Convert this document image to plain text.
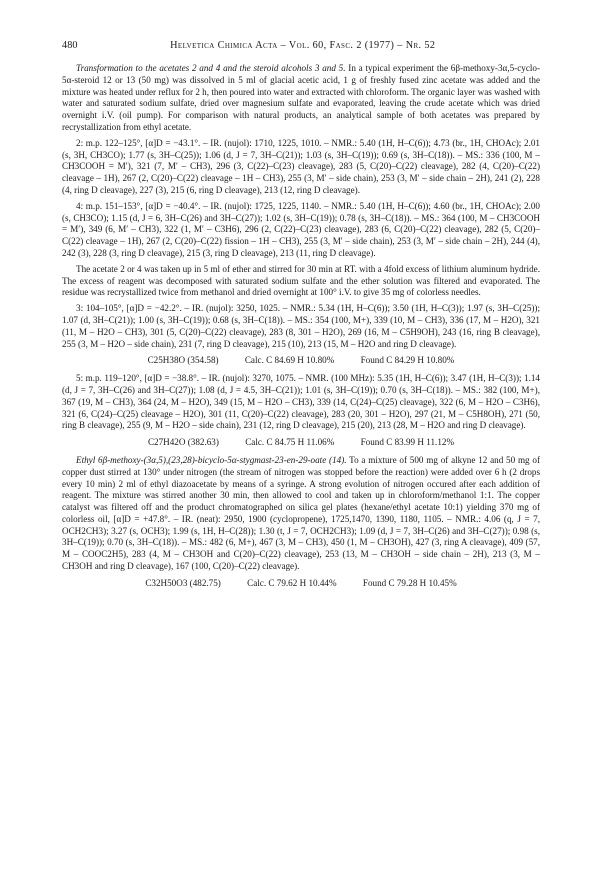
480	Helvetica Chimica Acta – Vol. 60, Fasc. 2 (1977) – Nr. 52

Transformation to the acetates 2 and 4 and the steroid alcohols 3 and 5. In a typical experiment the 6β-methoxy-3α,5-cyclo-5α-steroid 12 or 13 (50 mg) was dissolved in 5 ml of glacial acetic acid, 1 g of freshly fused zinc acetate was added and the mixture was heated under reflux for 2 h, then poured into water and extracted with chloroform. The organic layer was washed with water and saturated sodium sulfate, dried over magnesium sulfate and evaporated, leaving the crude acetate which was dried overnight i.V. (oil pump). For comparison with natural products, an analytical sample of both acetates was prepared by recrystallization from ethyl acetate.

2: m.p. 122–125°, [α]D = −43.1°. – IR. (nujol): 1710, 1225, 1010. – NMR.: 5.40 (1H, H–C(6)); 4.73 (br., 1H, CHOAc); 2.01 (s, 3H, CH3CO); 1.77 (s, 3H–C(25)); 1.06 (d, J = 7, 3H–C(21)); 1.03 (s, 3H–C(19)); 0.69 (s, 3H–C(18)). – MS.: 336 (100, M – CH3COOH = M′), 321 (7, M′ – CH3), 296 (3, C(22)–C(23) cleavage), 283 (5, C(20)–C(22) cleavage), 282 (4, C(20)–C(22) cleavage – 1H), 267 (2, C(20)–C(22) cleavage – 1H – CH3), 255 (3, M′ – side chain), 253 (3, M′ – side chain – 2H), 241 (2), 228 (4, ring D cleavage), 227 (3), 215 (6, ring D cleavage), 213 (12, ring D cleavage).

4: m.p. 151–153°, [α]D = −40.4°. – IR. (nujol): 1725, 1225, 1140. – NMR.: 5.40 (1H, H–C(6)); 4.60 (br., 1H, CHOAc); 2.00 (s, CH3CO); 1.15 (d, J = 6, 3H–C(26) and 3H–C(27)); 1.02 (s, 3H–C(19)); 0.78 (s, 3H–C(18)). – MS.: 364 (100, M – CH3COOH = M′), 349 (6, M′ – CH3), 322 (1, M′ – C3H6), 296 (2, C(22)–C(23) cleavage), 283 (6, C(20)–C(22) cleavage), 282 (5, C(20)–C(22) cleavage – 1H), 267 (2, C(20)–C(22) fission – 1H – CH3), 255 (3, M′ – side chain), 253 (3, M′ – side chain – 2H), 244 (4), 242 (3), 228 (3, ring D cleavage), 215 (3, ring D cleavage), 213 (11, ring D cleavage).

The acetate 2 or 4 was taken up in 5 ml of ether and stirred for 30 min at RT. with a 4fold excess of lithium aluminum hydride. The excess of reagent was decomposed with saturated sodium sulfate and the ether solution was filtered and evaporated. The residue was recrystallized twice from methanol and dried overnight at 100° i.V. to give 35 mg of colorless needles.

3: 104–105°, [α]D = −42.2°. – IR. (nujol): 3250, 1025. – NMR.: 5.34 (1H, H–C(6)); 3.50 (1H, H–C(3)); 1.97 (s, 3H–C(25)); 1.07 (d, 3H–C(21)); 1.00 (s, 3H–C(19)); 0.68 (s, 3H–C(18)). – MS.: 354 (100, M+), 339 (10, M – CH3), 336 (17, M – H2O), 321 (11, M – H2O – CH3), 301 (5, C(20)–C(22) cleavage), 283 (8, 301 – H2O), 269 (16, M – C5H9OH), 243 (16, ring B cleavage), 255 (3, M – H2O – side chain), 231 (7, ring D cleavage), 215 (10), 213 (15, M – H2O and ring D cleavage).

C25H38O (354.58)	Calc. C 84.69 H 10.80%	Found C 84.29 H 10.80%

5: m.p. 119–120°, [α]D = −38.8°. – IR. (nujol): 3270, 1075. – NMR. (100 MHz): 5.35 (1H, H–C(6)); 3.47 (1H, H–C(3)); 1.14 (d, J = 7, 3H–C(26) and 3H–C(27)); 1.08 (d, J = 4.5, 3H–C(21)); 1.01 (s, 3H–C(19)); 0.70 (s, 3H–C(18)). – MS.: 382 (100, M+), 367 (19, M – CH3), 364 (24, M – H2O), 349 (15, M – H2O – CH3), 339 (14, C(24)–C(25) cleavage), 322 (6, M – H2O – C3H6), 321 (6, C(24)–C(25) cleavage – H2O), 301 (11, C(20)–C(22) cleavage), 283 (20, 301 – H2O), 297 (21, M – C5H8OH), 271 (50, ring B cleavage), 255 (9, M – H2O – side chain), 231 (12, ring D cleavage), 215 (20), 213 (28, M – H2O and ring D cleavage).

C27H42O (382.63)	Calc. C 84.75 H 11.06%	Found C 83.99 H 11.12%

Ethyl 6β-methoxy-(3α,5),(23,28)-bicyclo-5α-stygmast-23-en-29-oate (14). To a mixture of 500 mg of alkyne 12 and 50 mg of copper dust stirred at 130° under nitrogen (the stream of nitrogen was stopped before the reaction) were added over 6 h (2 drops every 10 min) 2 ml of ethyl diazoacetate by means of a syringe. A strong evolution of nitrogen occured after each addition of reagent. The mixture was stirred another 30 min, then allowed to cool and taken up in chloroform/methanol 1:1. The copper catalyst was filtered off and the product chromatographed on silica gel plates (hexane/ethyl acetate 10:1) yielding 370 mg of colorless oil, [α]D = +47.8°. – IR. (neat): 2950, 1900 (cyclopropene), 1725,1470, 1390, 1180, 1105. – NMR.: 4.06 (q, J = 7, OCH2CH3); 3.27 (s, OCH3); 1.99 (s, 1H, H–C(28)); 1.30 (t, J = 7, OCH2CH3); 1.09 (d, J = 7, 3H–C(26) and 3H–C(27)); 0.98 (s, 3H–C(19)); 0.70 (s, 3H–C(18)). – MS.: 482 (6, M+), 467 (3, M – CH3), 450 (1, M – CH3OH), 427 (3, ring A cleavage), 409 (57, M – COOC2H5), 283 (4, M – CH3OH and C(20)–C(22) cleavage), 253 (13, M – CH3OH – side chain – 2H), 213 (3, M – CH3OH and ring D cleavage), 167 (100, C(20)–C(22) cleavage).

C32H50O3 (482.75)	Calc. C 79.62 H 10.44%	Found C 79.28 H 10.45%
